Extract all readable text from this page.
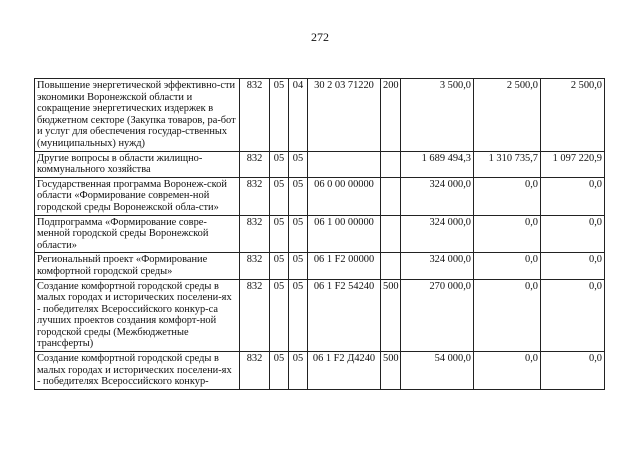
272
Повышение энергетической эффективно-сти экономики Воронежской области и сокращение энергетических издержек в бюджетном секторе (Закупка товаров, ра-бот и услуг для обеспечения государ-ственных (муниципальных) нужд)	832	05	04	30 2 03 71220	200	3 500,0	2 500,0	2 500,0
Другие вопросы в области жилищно-коммунального хозяйства	832	05	05			1 689 494,3	1 310 735,7	1 097 220,9
Государственная программа Воронеж-ской области «Формирование современ-ной городской среды Воронежской обла-сти»	832	05	05	06 0 00 00000		324 000,0	0,0	0,0
Подпрограмма «Формирование совре-менной городской среды Воронежской области»	832	05	05	06 1 00 00000		324 000,0	0,0	0,0
Региональный проект «Формирование комфортной городской среды»	832	05	05	06 1 F2 00000		324 000,0	0,0	0,0
Создание комфортной городской среды в малых городах и исторических поселени-ях - победителях Всероссийского конкур-са лучших проектов создания комфорт-ной городской среды (Межбюджетные трансферты)	832	05	05	06 1 F2 54240	500	270 000,0	0,0	0,0
Создание комфортной городской среды в малых городах и исторических поселени-ях - победителях Всероссийского конкур-	832	05	05	06 1 F2 Д4240	500	54 000,0	0,0	0,0
